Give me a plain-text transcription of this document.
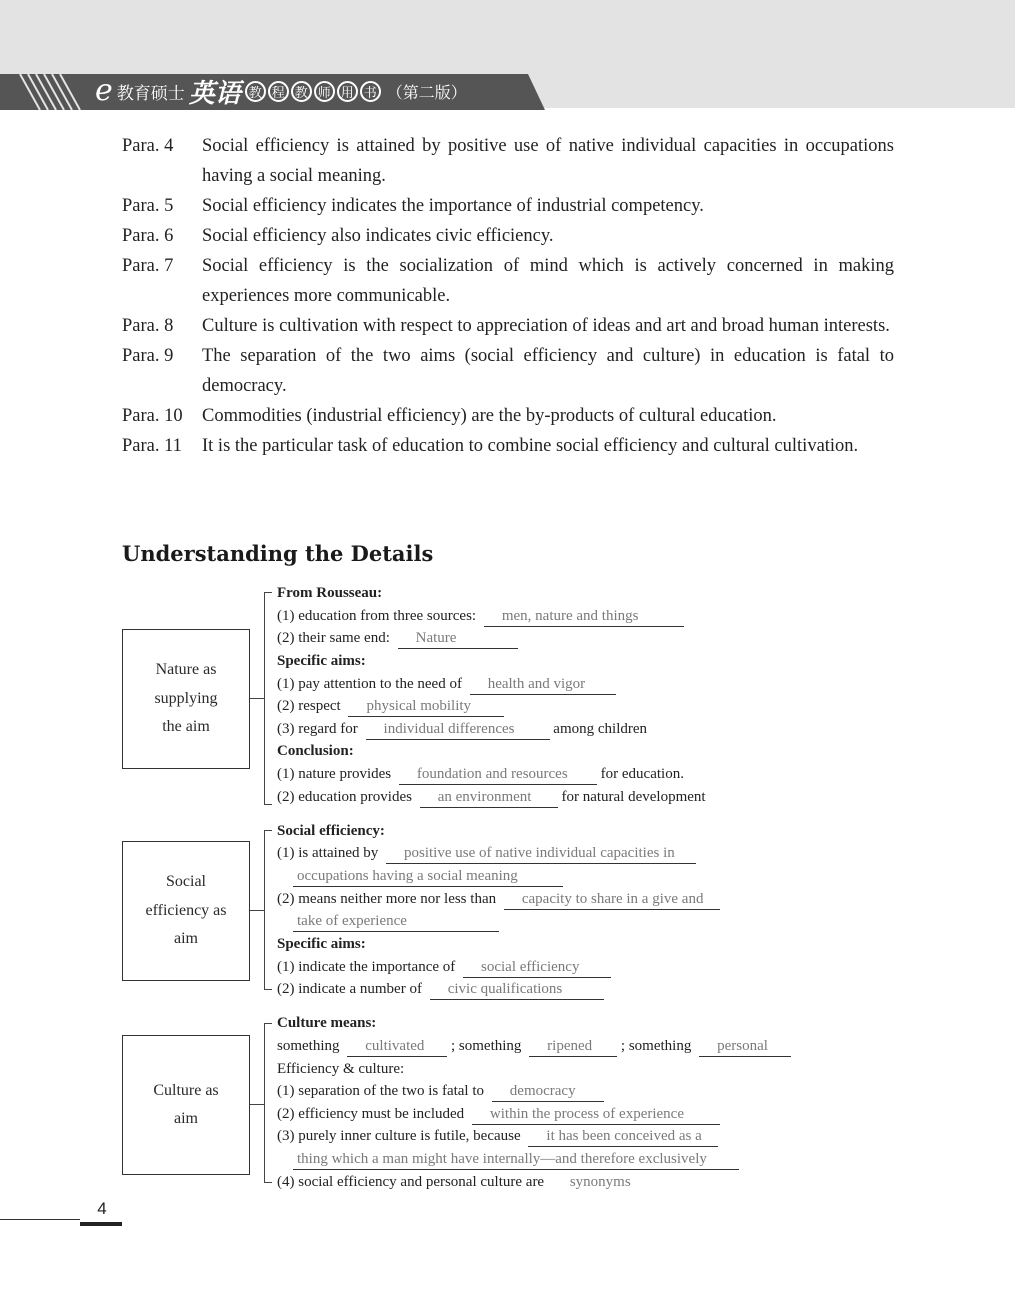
e 教育硕士 英语 教 程 教 师 用 书 （第二版）
Para. 4	Social efficiency is attained by positive use of native individual capacities in occupations having a social meaning.
Para. 5	Social efficiency indicates the importance of industrial competency.
Para. 6	Social efficiency also indicates civic efficiency.
Para. 7	Social efficiency is the socialization of mind which is actively concerned in making experiences more communicable.
Para. 8	Culture is cultivation with respect to appreciation of ideas and art and broad human interests.
Para. 9	The separation of the two aims (social efficiency and culture) in education is fatal to democracy.
Para. 10	Commodities (industrial efficiency) are the by-products of cultural education.
Para. 11	It is the particular task of education to combine social efficiency and cultural cultivation.
Understanding the Details
Nature as
supplying
the aim
From Rousseau:
(1) education from three sources: men, nature and things
(2) their same end: Nature
Specific aims:
(1) pay attention to the need of health and vigor
(2) respect physical mobility
(3) regard for individual differences	among children
Conclusion:
(1) nature provides foundation and resources for education.
(2) education provides an environment for natural development
Social
efficiency as
aim
Social efficiency:
(1) is attained by positive use of native individual capacities in
occupations having a social meaning
(2) means neither more nor less than capacity to share in a give and
take of experience
Specific aims:
(1) indicate the importance of social efficiency
(2) indicate a number of civic qualifications
Culture as
aim
Culture means:
something cultivated ; something ripened ; something personal
Efficiency & culture:
(1) separation of the two is fatal to democracy
(2) efficiency must be included within the process of experience
(3) purely inner culture is futile, because it has been conceived as a
thing which a man might have internally—and therefore exclusively
(4) social efficiency and personal culture are synonyms
4
